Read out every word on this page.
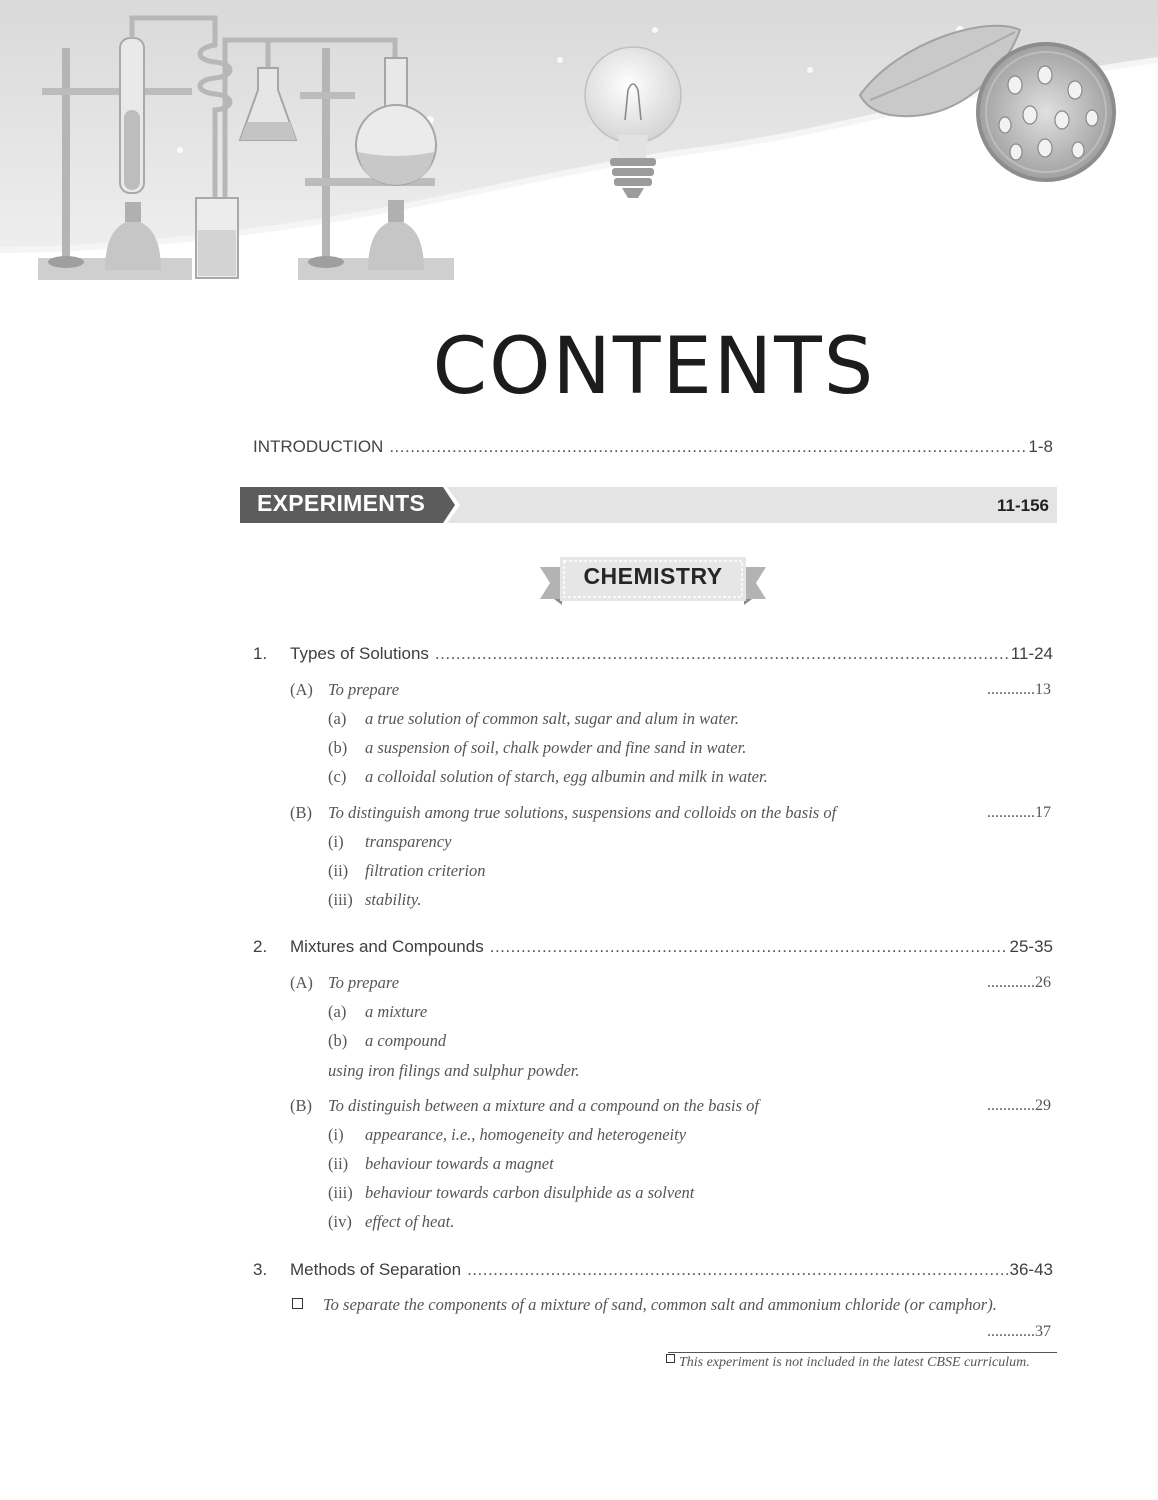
CONTENTS
INTRODUCTION .....	1-8
EXPERIMENTS	11-156
CHEMISTRY
1.	Types of Solutions .....	11-24
(A) To prepare	............13
(a) a true solution of common salt, sugar and alum in water.
(b) a suspension of soil, chalk powder and fine sand in water.
(c) a colloidal solution of starch, egg albumin and milk in water.
(B) To distinguish among true solutions, suspensions and colloids on the basis of	............17
(i) transparency
(ii) filtration criterion
(iii) stability.
2.	Mixtures and Compounds .....	25-35
(A) To prepare	............26
(a) a mixture
(b) a compound
using iron filings and sulphur powder.
(B) To distinguish between a mixture and a compound on the basis of	............29
(i) appearance, i.e., homogeneity and heterogeneity
(ii) behaviour towards a magnet
(iii) behaviour towards carbon disulphide as a solvent
(iv) effect of heat.
3.	Methods of Separation .....	36-43
To separate the components of a mixture of sand, common salt and ammonium chloride (or camphor).
............37
This experiment is not included in the latest CBSE curriculum.
